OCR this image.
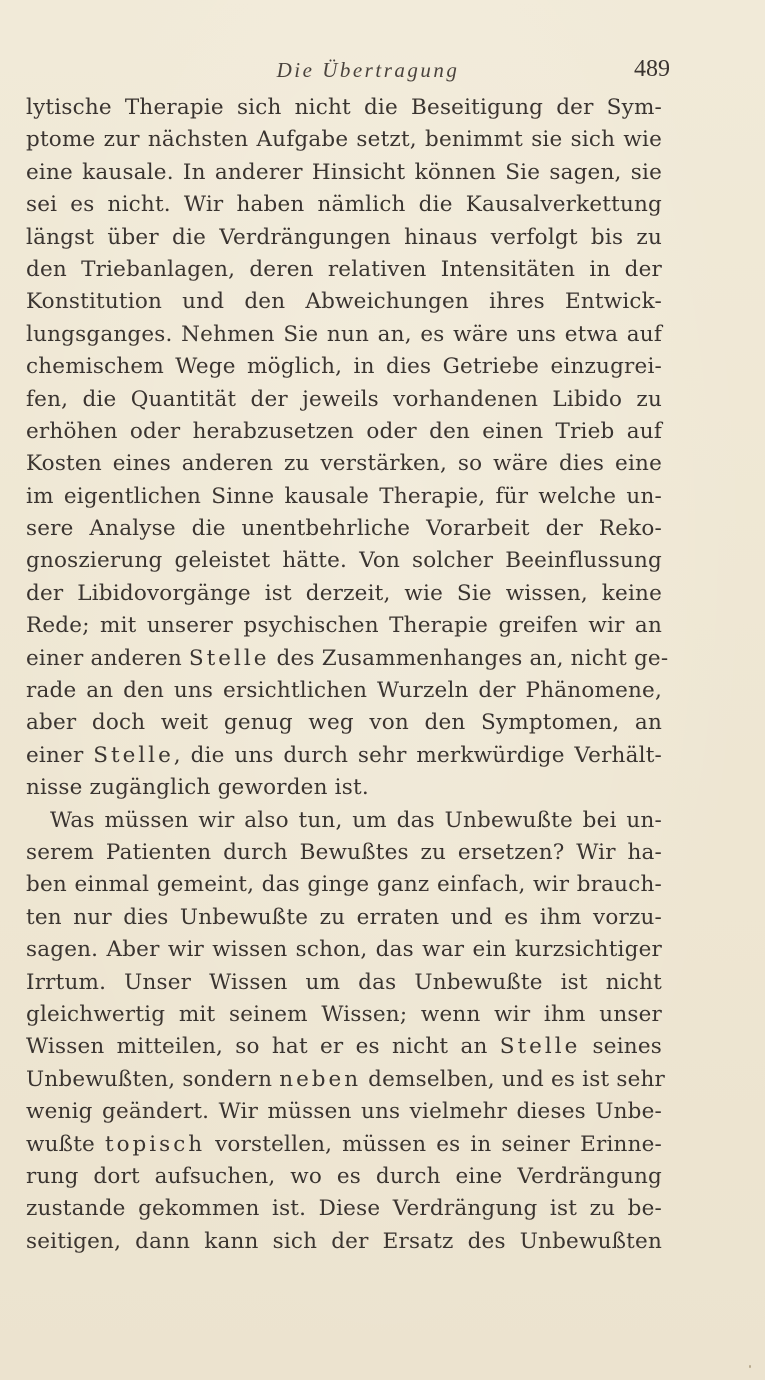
Die Übertragung	489
lytische Therapie sich nicht die Beseitigung der Sym-
ptome zur nächsten Aufgabe setzt, benimmt sie sich wie
eine kausale. In anderer Hinsicht können Sie sagen, sie
sei es nicht. Wir haben nämlich die Kausalverkettung
längst über die Verdrängungen hinaus verfolgt bis zu
den Triebanlagen, deren relativen Intensitäten in der
Konstitution und den Abweichungen ihres Entwick-
lungsganges. Nehmen Sie nun an, es wäre uns etwa auf
chemischem Wege möglich, in dies Getriebe einzugrei-
fen, die Quantität der jeweils vorhandenen Libido zu
erhöhen oder herabzusetzen oder den einen Trieb auf
Kosten eines anderen zu verstärken, so wäre dies eine
im eigentlichen Sinne kausale Therapie, für welche un-
sere Analyse die unentbehrliche Vorarbeit der Reko-
gnoszierung geleistet hätte. Von solcher Beeinflussung
der Libidovorgänge ist derzeit, wie Sie wissen, keine
Rede; mit unserer psychischen Therapie greifen wir an
einer anderen Stelle des Zusammenhanges an, nicht ge-
rade an den uns ersichtlichen Wurzeln der Phänomene,
aber doch weit genug weg von den Symptomen, an
einer Stelle, die uns durch sehr merkwürdige Verhält-
nisse zugänglich geworden ist.
Was müssen wir also tun, um das Unbewußte bei un-
serem Patienten durch Bewußtes zu ersetzen? Wir ha-
ben einmal gemeint, das ginge ganz einfach, wir brauch-
ten nur dies Unbewußte zu erraten und es ihm vorzu-
sagen. Aber wir wissen schon, das war ein kurzsichtiger
Irrtum. Unser Wissen um das Unbewußte ist nicht
gleichwertig mit seinem Wissen; wenn wir ihm unser
Wissen mitteilen, so hat er es nicht an Stelle seines
Unbewußten, sondern neben demselben, und es ist sehr
wenig geändert. Wir müssen uns vielmehr dieses Unbe-
wußte topisch vorstellen, müssen es in seiner Erinne-
rung dort aufsuchen, wo es durch eine Verdrängung
zustande gekommen ist. Diese Verdrängung ist zu be-
seitigen, dann kann sich der Ersatz des Unbewußten
